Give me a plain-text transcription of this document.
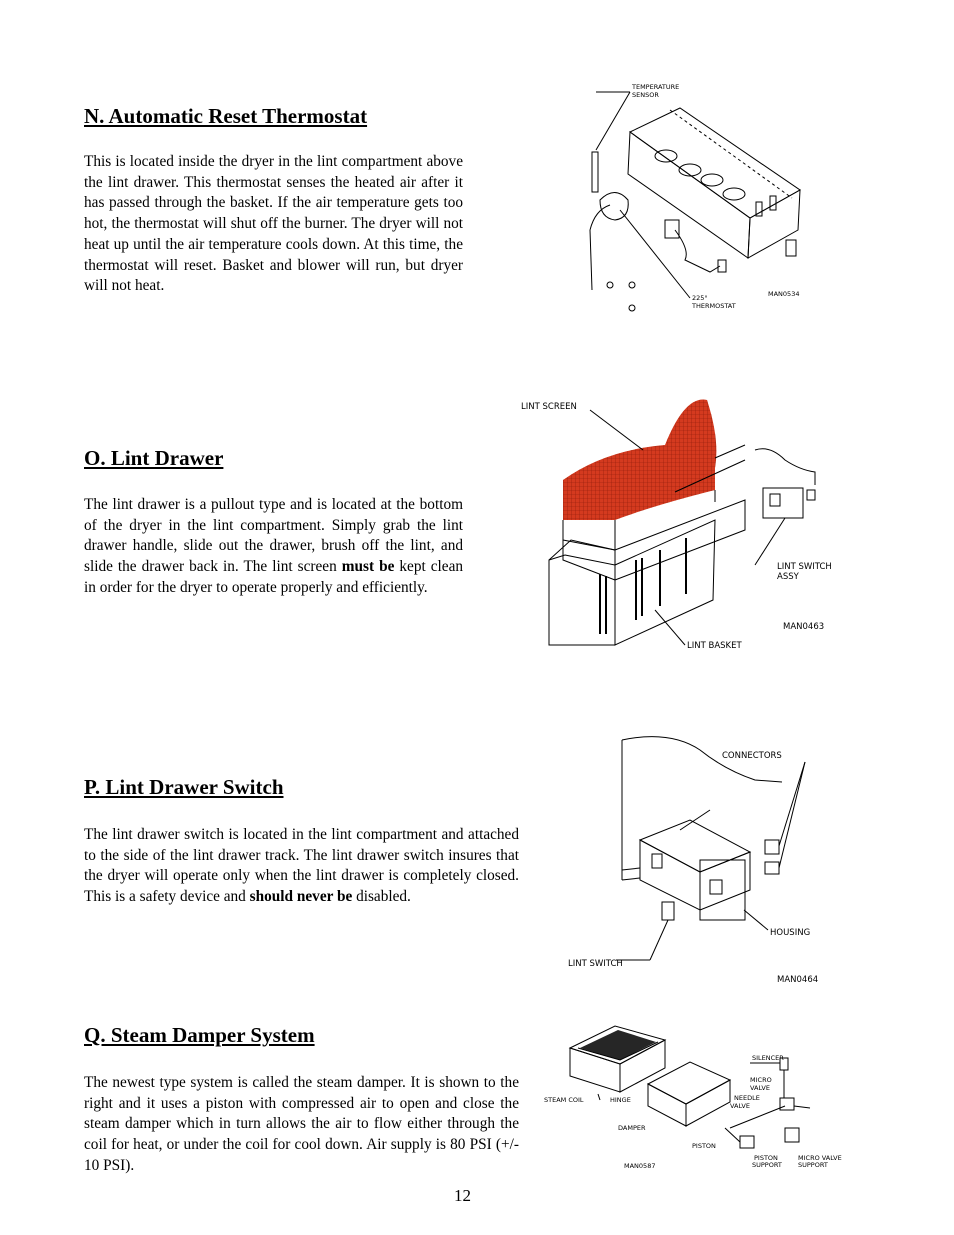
N. Automatic Reset Thermostat

This is located inside the dryer in the lint compartment above the lint drawer. This thermostat senses the heated air after it has passed through the basket. If the air temperature gets too hot, the thermostat will shut off the burner. The dryer will not heat up until the air temperature cools down. At this time, the thermostat will reset. Basket and blower will run, but dryer will not heat.

TEMPERATURE
SENSOR
225°
THERMOSTAT
MAN0534
O. Lint Drawer

The lint drawer is a pullout type and is located at the bottom of the dryer in the lint compartment. Simply grab the lint drawer handle, slide out the drawer, brush off the lint, and slide the drawer back in. The lint screen must be kept clean in order for the dryer to operate properly and efficiently.

LINT SCREEN
LINT SWITCH
ASSY
MAN0463
LINT BASKET
P. Lint Drawer Switch

The lint drawer switch is located in the lint compartment and attached to the side of the lint drawer track. The lint drawer switch insures that the dryer will operate only when the lint drawer is completely closed. This is a safety device and should never be disabled.

CONNECTORS
HOUSING
LINT SWITCH
MAN0464
Q. Steam Damper System

The newest type system is called the steam damper. It is shown to the right and it uses a piston with compressed air to open and close the steam damper which in turn allows the air to flow either through the coil for heat, or under the coil for cool down. Air supply is 80 PSI (+/- 10 PSI).

SILENCER
MICRO
VALVE
STEAM COIL	HINGE	NEEDLE
VALVE
DAMPER
PISTON
PISTON
SUPPORT
MICRO VALVE
SUPPORT
MAN0587
12
